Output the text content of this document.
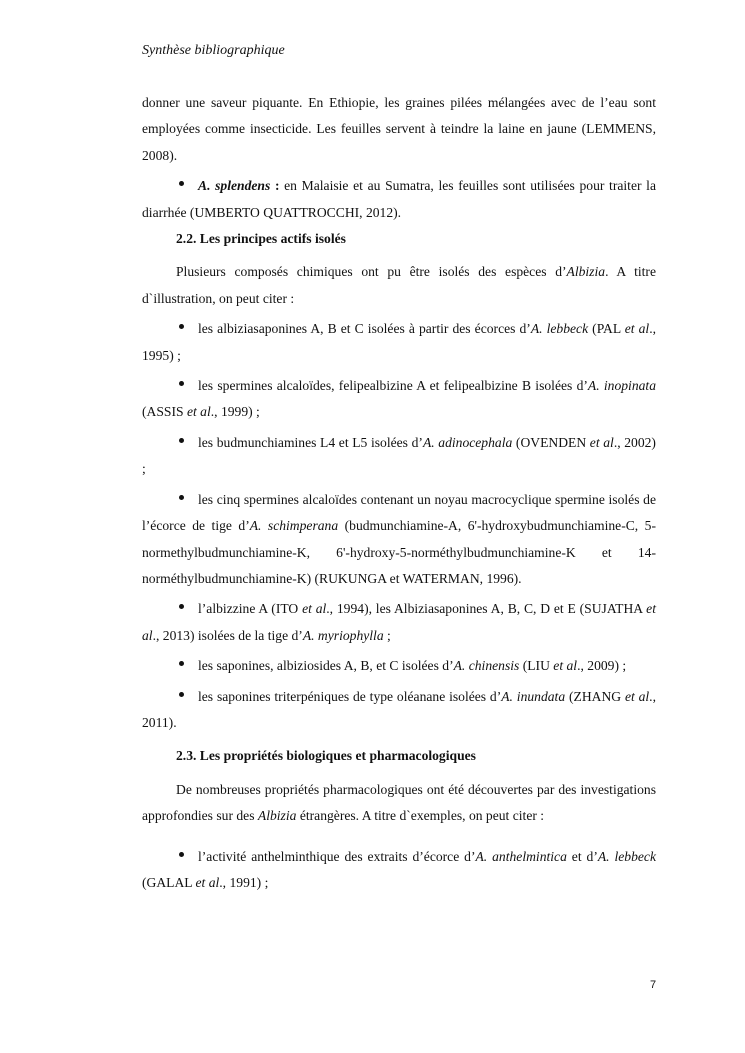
Synthèse bibliographique

donner une saveur piquante. En Ethiopie, les graines pilées mélangées avec de l’eau sont employées comme insecticide. Les feuilles servent à teindre la laine en jaune (LEMMENS, 2008).

A. splendens : en Malaisie et au Sumatra, les feuilles sont utilisées pour traiter la diarrhée (UMBERTO QUATTROCCHI, 2012).

2.2. Les principes actifs isolés

Plusieurs composés chimiques ont pu être isolés des espèces d’Albizia. A titre d`illustration, on peut citer :

les albiziasaponines A, B et C isolées à partir des écorces d’A. lebbeck (PAL et al., 1995) ;

les spermines alcaloïdes, felipealbizine A et felipealbizine B isolées d’A. inopinata (ASSIS et al., 1999) ;

les budmunchiamines L4 et L5 isolées d’A. adinocephala (OVENDEN et al., 2002) ;

les cinq spermines alcaloïdes contenant un noyau macrocyclique spermine isolés de l’écorce de tige d’A. schimperana (budmunchiamine-A, 6'-hydroxybudmunchiamine-C, 5-normethylbudmunchiamine-K, 6'-hydroxy-5-norméthylbudmunchiamine-K et 14-norméthylbudmunchiamine-K) (RUKUNGA et WATERMAN, 1996).

l’albizzine A (ITO et al., 1994), les Albiziasaponines A, B, C, D et E (SUJATHA et al., 2013) isolées de la tige d’A. myriophylla ;

les saponines, albiziosides A, B, et C isolées d’A. chinensis (LIU et al., 2009) ;

les saponines triterpéniques de type oléanane isolées d’A. inundata (ZHANG et al., 2011).

2.3. Les propriétés biologiques et pharmacologiques

De nombreuses propriétés pharmacologiques ont été découvertes par des investigations approfondies sur des Albizia étrangères. A titre d`exemples, on peut citer :

l’activité anthelminthique des extraits d’écorce d’A. anthelmintica et d’A. lebbeck (GALAL et al., 1991) ;

7
